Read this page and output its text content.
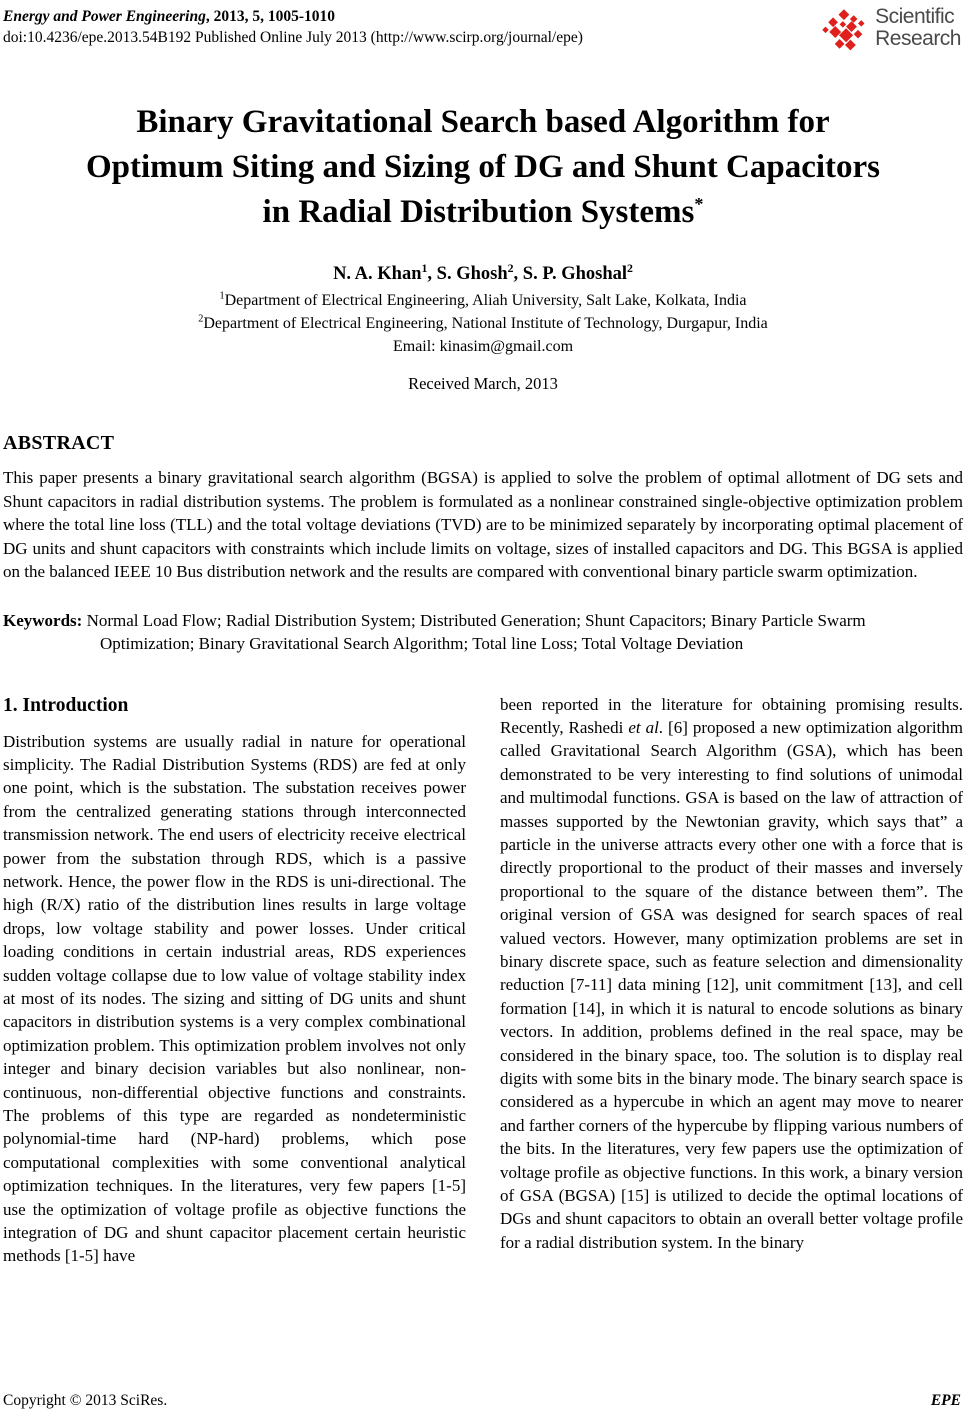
Energy and Power Engineering, 2013, 5, 1005-1010
doi:10.4236/epe.2013.54B192 Published Online July 2013 (http://www.scirp.org/journal/epe)
Scientific
Research
Binary Gravitational Search based Algorithm for
Optimum Siting and Sizing of DG and Shunt Capacitors
in Radial Distribution Systems*
N. A. Khan$^1$, S. Ghosh$^2$, S. P. Ghoshal$^2$
$^1$Department of Electrical Engineering, Aliah University, Salt Lake, Kolkata, India
$^2$Department of Electrical Engineering, National Institute of Technology, Durgapur, India
Email: kinasim@gmail.com
Received March, 2013
ABSTRACT
This paper presents a binary gravitational search algorithm (BGSA) is applied to solve the problem of optimal allotment of DG sets and Shunt capacitors in radial distribution systems. The problem is formulated as a nonlinear constrained single-objective optimization problem where the total line loss (TLL) and the total voltage deviations (TVD) are to be minimized separately by incorporating optimal placement of DG units and shunt capacitors with constraints which include limits on voltage, sizes of installed capacitors and DG. This BGSA is applied on the balanced IEEE 10 Bus distribution network and the results are compared with conventional binary particle swarm optimization.
Keywords: Normal Load Flow; Radial Distribution System; Distributed Generation; Shunt Capacitors; Binary Particle Swarm Optimization; Binary Gravitational Search Algorithm; Total line Loss; Total Voltage Deviation
1. Introduction
Distribution systems are usually radial in nature for operational simplicity. The Radial Distribution Systems (RDS) are fed at only one point, which is the substation. The substation receives power from the centralized generating stations through interconnected transmission network. The end users of electricity receive electrical power from the substation through RDS, which is a passive network. Hence, the power flow in the RDS is uni-directional. The high (R/X) ratio of the distribution lines results in large voltage drops, low voltage stability and power losses. Under critical loading conditions in certain industrial areas, RDS experiences sudden voltage collapse due to low value of voltage stability index at most of its nodes. The sizing and sitting of DG units and shunt capacitors in distribution systems is a very complex combinational optimization problem. This optimization problem involves not only integer and binary decision variables but also nonlinear, non-continuous, non-differential objective functions and constraints. The problems of this type are regarded as nondeterministic polynomial-time hard (NP-hard) problems, which pose computational complexities with some conventional analytical optimization techniques. In the literatures, very few papers [1-5] use the optimization of voltage profile as objective functions the integration of DG and shunt capacitor placement certain heuristic methods [1-5] have
been reported in the literature for obtaining promising results. Recently, Rashedi et al. [6] proposed a new optimization algorithm called Gravitational Search Algorithm (GSA), which has been demonstrated to be very interesting to find solutions of unimodal and multimodal functions. GSA is based on the law of attraction of masses supported by the Newtonian gravity, which says that” a particle in the universe attracts every other one with a force that is directly proportional to the product of their masses and inversely proportional to the square of the distance between them”. The original version of GSA was designed for search spaces of real valued vectors. However, many optimization problems are set in binary discrete space, such as feature selection and dimensionality reduction [7-11] data mining [12], unit commitment [13], and cell formation [14], in which it is natural to encode solutions as binary vectors. In addition, problems defined in the real space, may be considered in the binary space, too. The solution is to display real digits with some bits in the binary mode. The binary search space is considered as a hypercube in which an agent may move to nearer and farther corners of the hypercube by flipping various numbers of the bits. In the literatures, very few papers use the optimization of voltage profile as objective functions. In this work, a binary version of GSA (BGSA) [15] is utilized to decide the optimal locations of DGs and shunt capacitors to obtain an overall better voltage profile for a radial distribution system. In the binary
Copyright © 2013 SciRes.	EPE
